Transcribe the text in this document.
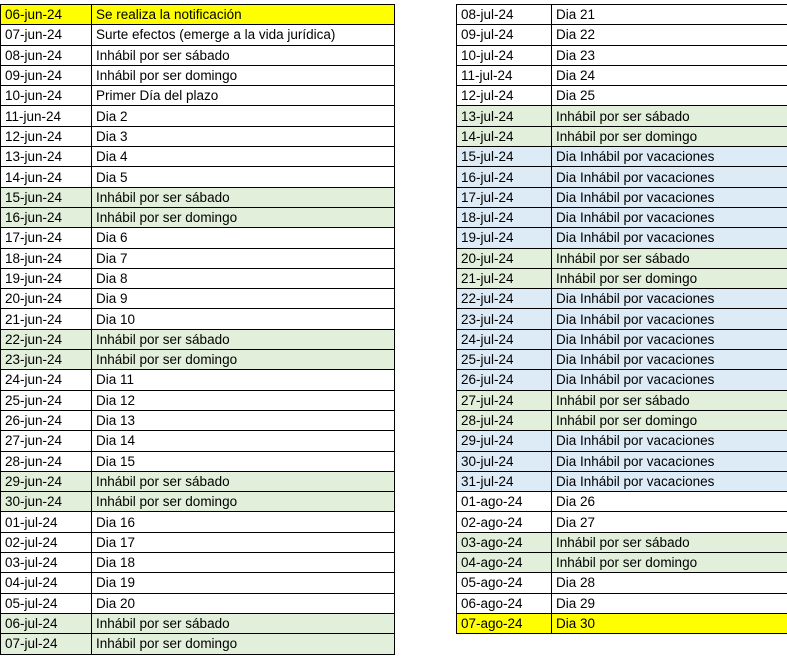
06-jun-24	Se realiza la notificación
07-jun-24	Surte efectos (emerge a la vida jurídica)
08-jun-24	Inhábil por ser sábado
09-jun-24	Inhábil por ser domingo
10-jun-24	Primer Día del plazo
11-jun-24	Dia 2
12-jun-24	Dia 3
13-jun-24	Dia 4
14-jun-24	Dia 5
15-jun-24	Inhábil por ser sábado
16-jun-24	Inhábil por ser domingo
17-jun-24	Dia 6
18-jun-24	Dia 7
19-jun-24	Dia 8
20-jun-24	Dia 9
21-jun-24	Dia 10
22-jun-24	Inhábil por ser sábado
23-jun-24	Inhábil por ser domingo
24-jun-24	Dia 11
25-jun-24	Dia 12
26-jun-24	Dia 13
27-jun-24	Dia 14
28-jun-24	Dia 15
29-jun-24	Inhábil por ser sábado
30-jun-24	Inhábil por ser domingo
01-jul-24	Dia 16
02-jul-24	Dia 17
03-jul-24	Dia 18
04-jul-24	Dia 19
05-jul-24	Dia 20
06-jul-24	Inhábil por ser sábado
07-jul-24	Inhábil por ser domingo
08-jul-24	Dia 21
09-jul-24	Dia 22
10-jul-24	Dia 23
11-jul-24	Dia 24
12-jul-24	Dia 25
13-jul-24	Inhábil por ser sábado
14-jul-24	Inhábil por ser domingo
15-jul-24	Dia Inhábil por vacaciones
16-jul-24	Dia Inhábil por vacaciones
17-jul-24	Dia Inhábil por vacaciones
18-jul-24	Dia Inhábil por vacaciones
19-jul-24	Dia Inhábil por vacaciones
20-jul-24	Inhábil por ser sábado
21-jul-24	Inhábil por ser domingo
22-jul-24	Dia Inhábil por vacaciones
23-jul-24	Dia Inhábil por vacaciones
24-jul-24	Dia Inhábil por vacaciones
25-jul-24	Dia Inhábil por vacaciones
26-jul-24	Dia Inhábil por vacaciones
27-jul-24	Inhábil por ser sábado
28-jul-24	Inhábil por ser domingo
29-jul-24	Dia Inhábil por vacaciones
30-jul-24	Dia Inhábil por vacaciones
31-jul-24	Dia Inhábil por vacaciones
01-ago-24	Dia 26
02-ago-24	Dia 27
03-ago-24	Inhábil por ser sábado
04-ago-24	Inhábil por ser domingo
05-ago-24	Dia 28
06-ago-24	Dia 29
07-ago-24	Dia 30
